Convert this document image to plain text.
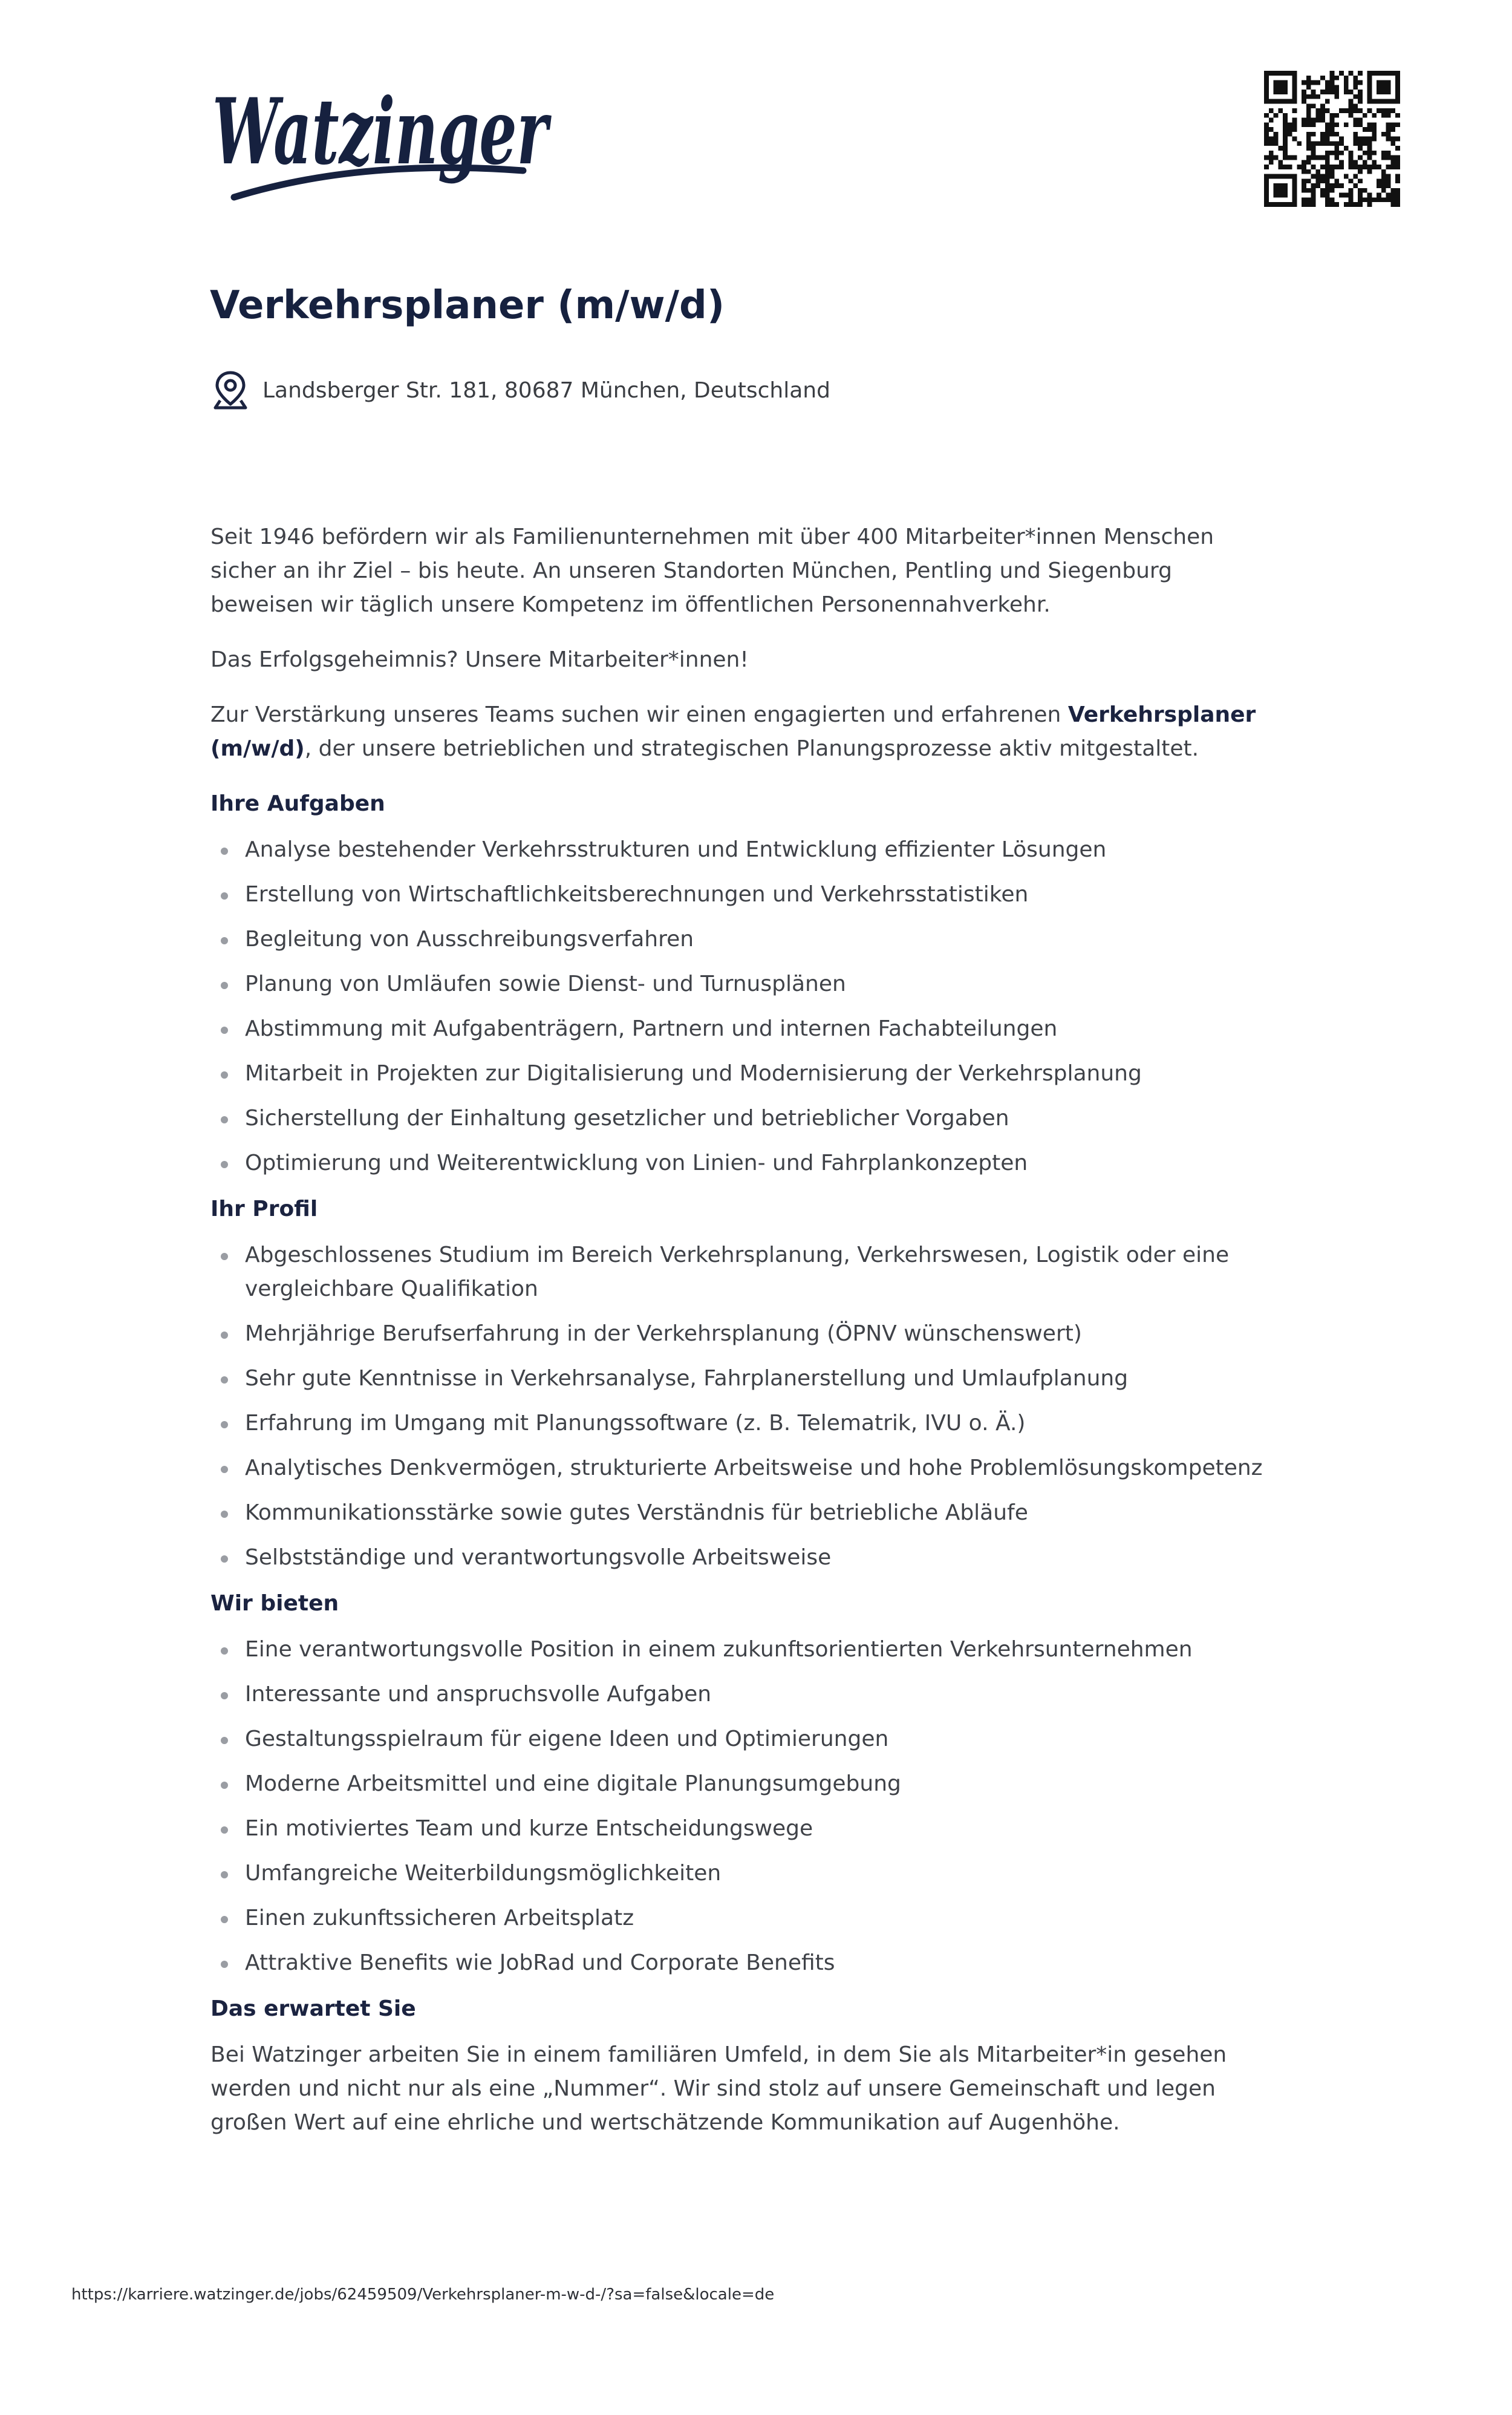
Watzinger
Verkehrsplaner (m/w/d)
Landsberger Str. 181, 80687 München, Deutschland

Seit 1946 befördern wir als Familienunternehmen mit über 400 Mitarbeiter*innen Menschen sicher an ihr Ziel – bis heute. An unseren Standorten München, Pentling und Siegenburg beweisen wir täglich unsere Kompetenz im öffentlichen Personennahverkehr.

Das Erfolgsgeheimnis? Unsere Mitarbeiter*innen!

Zur Verstärkung unseres Teams suchen wir einen engagierten und erfahrenen Verkehrsplaner (m/w/d), der unsere betrieblichen und strategischen Planungsprozesse aktiv mitgestaltet.

Ihre Aufgaben
Analyse bestehender Verkehrsstrukturen und Entwicklung effizienter Lösungen
Erstellung von Wirtschaftlichkeitsberechnungen und Verkehrsstatistiken
Begleitung von Ausschreibungsverfahren
Planung von Umläufen sowie Dienst- und Turnusplänen
Abstimmung mit Aufgabenträgern, Partnern und internen Fachabteilungen
Mitarbeit in Projekten zur Digitalisierung und Modernisierung der Verkehrsplanung
Sicherstellung der Einhaltung gesetzlicher und betrieblicher Vorgaben
Optimierung und Weiterentwicklung von Linien- und Fahrplankonzepten
Ihr Profil
Abgeschlossenes Studium im Bereich Verkehrsplanung, Verkehrswesen, Logistik oder eine vergleichbare Qualifikation
Mehrjährige Berufserfahrung in der Verkehrsplanung (ÖPNV wünschenswert)
Sehr gute Kenntnisse in Verkehrsanalyse, Fahrplanerstellung und Umlaufplanung
Erfahrung im Umgang mit Planungssoftware (z. B. Telematrik, IVU o. Ä.)
Analytisches Denkvermögen, strukturierte Arbeitsweise und hohe Problemlösungskompetenz
Kommunikationsstärke sowie gutes Verständnis für betriebliche Abläufe
Selbstständige und verantwortungsvolle Arbeitsweise
Wir bieten
Eine verantwortungsvolle Position in einem zukunftsorientierten Verkehrsunternehmen
Interessante und anspruchsvolle Aufgaben
Gestaltungsspielraum für eigene Ideen und Optimierungen
Moderne Arbeitsmittel und eine digitale Planungsumgebung
Ein motiviertes Team und kurze Entscheidungswege
Umfangreiche Weiterbildungsmöglichkeiten
Einen zukunftssicheren Arbeitsplatz
Attraktive Benefits wie JobRad und Corporate Benefits
Das erwartet Sie

Bei Watzinger arbeiten Sie in einem familiären Umfeld, in dem Sie als Mitarbeiter*in gesehen werden und nicht nur als eine „Nummer“. Wir sind stolz auf unsere Gemeinschaft und legen großen Wert auf eine ehrliche und wertschätzende Kommunikation auf Augenhöhe.

https://karriere.watzinger.de/jobs/62459509/Verkehrsplaner-m-w-d-/?sa=false&locale=de
